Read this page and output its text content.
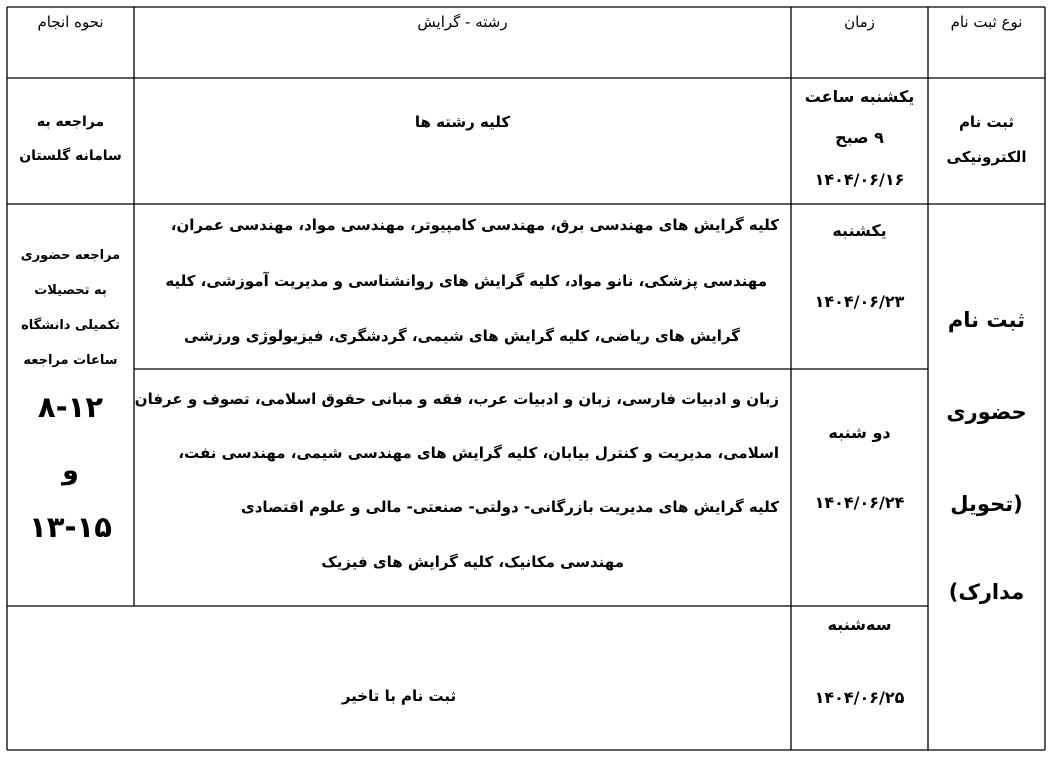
نوع ثبت نام
زمان
رشته - گرایش
نحوه انجام
ثبت نام
الکترونیکی
یکشنبه ساعت
۹ صبح
۱۴۰۴/۰۶/۱۶
کلیه رشته ها
مراجعه به
سامانه گلستان
ثبت نام
حضوری
(تحویل
مدارک)
مراجعه حضوری
به تحصیلات
تکمیلی دانشگاه
ساعات مراجعه
۸-۱۲
و
۱۳-۱۵
یکشنبه
۱۴۰۴/۰۶/۲۳
کلیه گرایش های مهندسی برق، مهندسی کامپیوتر، مهندسی مواد، مهندسی عمران،
مهندسی پزشکی، نانو مواد، کلیه گرایش های روانشناسی و مدیریت آموزشی، کلیه
گرایش های ریاضی، کلیه گرایش های شیمی، گردشگری، فیزیولوژی ورزشی
دو شنبه
۱۴۰۴/۰۶/۲۴
زبان و ادبیات فارسی، زبان و ادبیات عرب، فقه و مبانی حقوق اسلامی، تصوف و عرفان
اسلامی، مدیریت و کنترل بیابان، کلیه گرایش های مهندسی شیمی، مهندسی نفت،
کلیه گرایش های مدیریت بازرگانی- دولتی- صنعتی- مالی و علوم اقتصادی
مهندسی مکانیک، کلیه گرایش های فیزیک
سه‌شنبه
۱۴۰۴/۰۶/۲۵
ثبت نام با تاخیر
